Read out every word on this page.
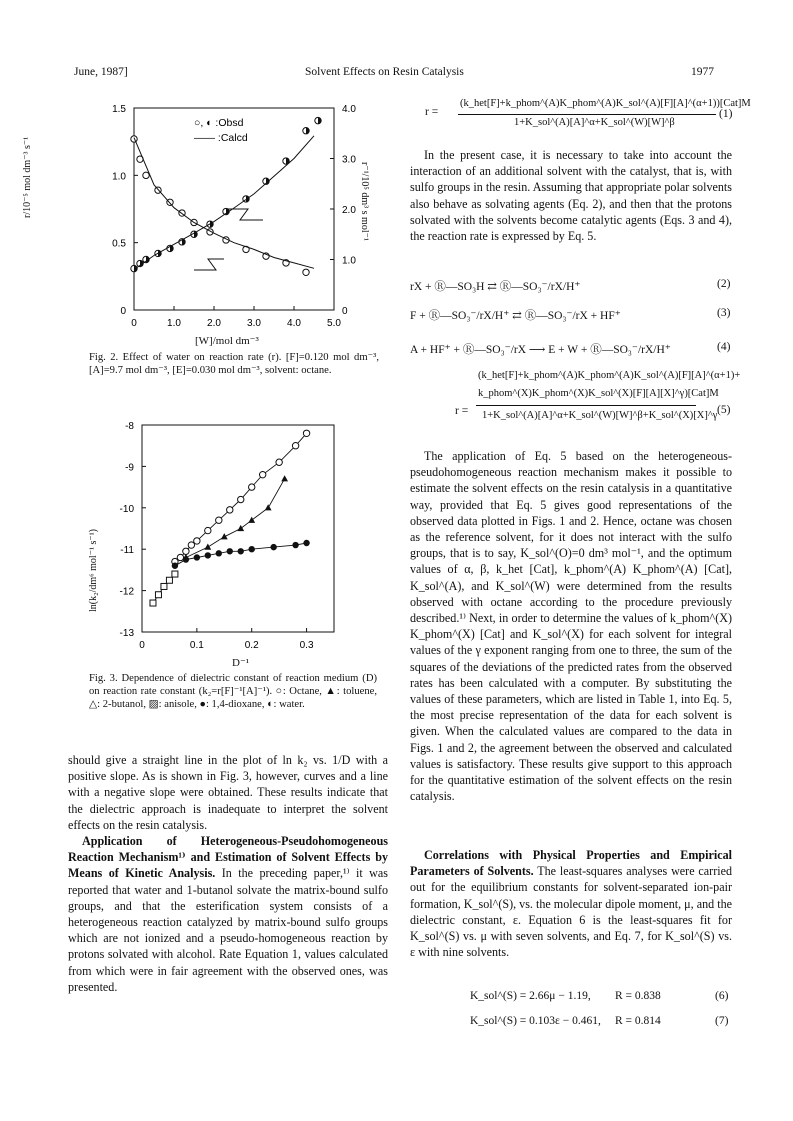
June, 1987]	Solvent Effects on Resin Catalysis	1977
0	1.0	2.0	3.0	4.0	5.0
0
0.5
1.0
1.5
0
1.0
2.0
3.0
4.0
○, ◐ :Obsd
—— :Calcd
[W]/mol dm⁻³
r/10⁻⁵ mol dm⁻³ s⁻¹	r⁻¹/10⁵ dm³ s mol⁻¹
Fig. 2. Effect of water on reaction rate (r). [F]=0.120 mol dm⁻³, [A]=9.7 mol dm⁻³, [E]=0.030 mol dm⁻³, solvent: octane.
0	0.1	0.2	0.3
-8
-9
-10
-11
-12
-13
D⁻¹
ln(k₂/dm⁶ mol⁻¹ s⁻¹)
Fig. 3. Dependence of dielectric constant of reaction medium (D) on reaction rate constant (k₂=r[F]⁻¹[A]⁻¹). ○: Octane, ▲: toluene, △: 2-butanol, ▨: anisole, ●: 1,4-dioxane, ◐: water.

should give a straight line in the plot of ln k₂ vs. 1/D with a positive slope. As is shown in Fig. 3, however, curves and a line with a negative slope were obtained. These results indicate that the dielectric approach is inadequate to interpret the solvent effects on the resin catalysis.

Application of Heterogeneous-Pseudohomogeneous Reaction Mechanism¹⁾ and Estimation of Solvent Effects by Means of Kinetic Analysis. In the preceding paper,¹⁾ it was reported that water and 1-butanol solvate the matrix-bound sulfo groups, and that the esterification system consists of a heterogeneous reaction catalyzed by matrix-bound sulfo groups which are not ionized and a pseudo-homogeneous reaction by protons solvated with alcohol. Rate Equation 1, values calculated from which were in fair agreement with the observed ones, was presented.

r =
(k_het[F]+k_phom^(A)K_phom^(A)K_sol^(A)[F][A]^(α+1))[Cat]M
1+K_sol^(A)[A]^α+K_sol^(W)[W]^β
(1)
In the present case, it is necessary to take into account the interaction of an additional solvent with the catalyst, that is, with sulfo groups in the resin. Assuming that appropriate polar solvents also behave as solvating agents (Eq. 2), and then that the protons solvated with the solvents become catalytic agents (Eqs. 3 and 4), the reaction rate is expressed by Eq. 5.
rX + Ⓡ—SO₃H ⇄ Ⓡ—SO₃⁻/rX/H⁺	(2)
F + Ⓡ—SO₃⁻/rX/H⁺ ⇄ Ⓡ—SO₃⁻/rX + HF⁺	(3)
A + HF⁺ + Ⓡ—SO₃⁻/rX ⟶ E + W + Ⓡ—SO₃⁻/rX/H⁺	(4)
(k_het[F]+k_phom^(A)K_phom^(A)K_sol^(A)[F][A]^(α+1)+
k_phom^(X)K_phom^(X)K_sol^(X)[F][A][X]^γ)[Cat]M
r = 1+K_sol^(A)[A]^α+K_sol^(W)[W]^β+K_sol^(X)[X]^γ (5)
The application of Eq. 5 based on the heterogeneous-pseudohomogeneous reaction mechanism makes it possible to estimate the solvent effects on the resin catalysis in a quantitative way, provided that Eq. 5 gives good representations of the observed data plotted in Figs. 1 and 2. Hence, octane was chosen as the reference solvent, for it does not interact with the sulfo groups, that is to say, K_sol^(O)=0 dm³ mol⁻¹, and the optimum values of α, β, k_het [Cat], k_phom^(A) K_phom^(A) [Cat], K_sol^(A), and K_sol^(W) were determined from the results observed with octane according to the procedure previously described.¹⁾ Next, in order to determine the values of k_phom^(X) K_phom^(X) [Cat] and K_sol^(X) for each solvent for integral values of the γ exponent ranging from one to three, the sum of the squares of the deviations of the predicted rates from the observed rates has been calculated with a computer. By substituting the values of these parameters, which are listed in Table 1, into Eq. 5, the most precise representation of the data for each solvent is given. When the calculated values are compared to the data in Figs. 1 and 2, the agreement between the observed and calculated values is satisfactory. These results give support to this approach for the quantitative estimation of the solvent effects on the resin catalysis.
Correlations with Physical Properties and Empirical Parameters of Solvents. The least-squares analyses were carried out for the equilibrium constants for solvent-separated ion-pair formation, K_sol^(S), vs. the molecular dipole moment, μ, and the dielectric constant, ε. Equation 6 is the least-squares fit for K_sol^(S) vs. μ with seven solvents, and Eq. 7, for K_sol^(S) vs. ε with nine solvents.
K_sol^(S) = 2.66μ − 1.19, R = 0.838	(6)
K_sol^(S) = 0.103ε − 0.461, R = 0.814	(7)
